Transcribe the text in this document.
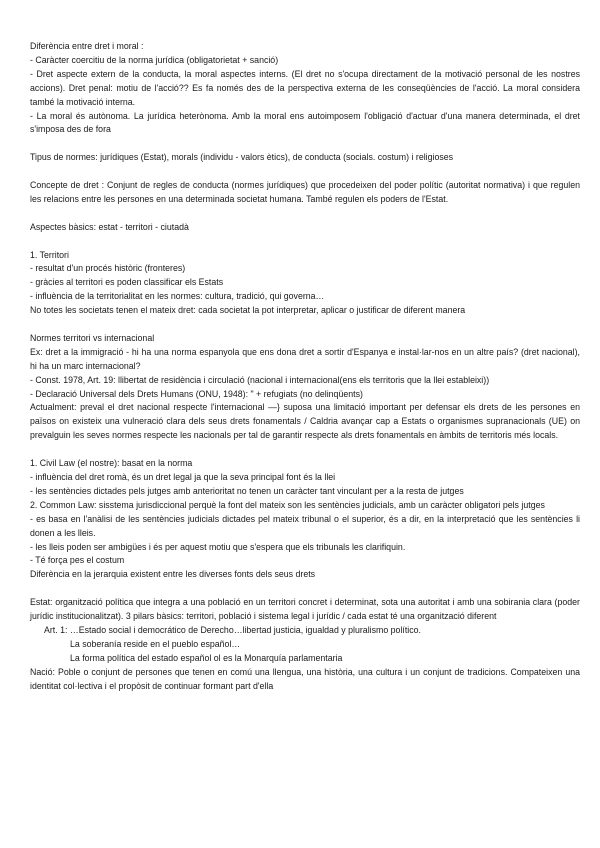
Diferència entre dret i moral :

- Caràcter coercitiu de la norma jurídica (obligatorietat + sanció)

- Dret aspecte extern de la conducta, la moral aspectes interns. (El dret no s'ocupa directament de la motivació personal de les nostres accions). Dret penal: motiu de l'acció?? Es fa només des de la perspectiva externa de les conseqüències de l'acció. La moral considera també la motivació interna.

- La moral és autònoma. La jurídica heterònoma. Amb la moral ens autoimposem l'obligació d'actuar d'una manera determinada, el dret s'imposa des de fora

Tipus de normes: jurídiques (Estat), morals (individu - valors ètics), de conducta (socials. costum) i religioses

Concepte de dret : Conjunt de regles de conducta (normes jurídiques) que procedeixen del poder polític (autoritat normativa) i que regulen les relacions entre les persones en una determinada societat humana. També regulen els poders de l'Estat.

Aspectes bàsics: estat - territori - ciutadà

1. Territori

- resultat d'un procés històric (fronteres)

- gràcies al territori es poden classificar els Estats

- influència de la territorialitat en les normes: cultura, tradició, qui governa…

No totes les societats tenen el mateix dret: cada societat la pot interpretar, aplicar o justificar de diferent manera

Normes territori vs internacional

Ex: dret a la immigració - hi ha una norma espanyola que ens dona dret a sortir d'Espanya e instal·lar-nos en un altre país? (dret nacional), hi ha un marc internacional?

- Const. 1978, Art. 19: llibertat de residència i circulació (nacional i internacional(ens els territoris que la llei estableixi))

- Declaració Universal dels Drets Humans (ONU, 1948): " + refugiats (no delinqüents)

Actualment: preval el dret nacional respecte l'internacional —} suposa una limitació important per defensar els drets de les persones en països on existeix una vulneració clara dels seus drets fonamentals / Caldria avançar cap a Estats o organismes supranacionals (UE) on prevalguin les seves normes respecte les nacionals per tal de garantir respecte als drets fonamentals en àmbits de territoris més locals.

1. Civil Law (el nostre): basat en la norma

- influència del dret romà, és un dret legal ja que la seva principal font és la llei

- les sentències dictades pels jutges amb anterioritat no tenen un caràcter tant vinculant per a la resta de jutges

2. Common Law: sisstema jurisdiccional perquè la font del mateix son les sentències judicials, amb un caràcter obligatori pels jutges

- es basa en l'anàlisi de les sentències judicials dictades pel mateix tribunal o el superior, és a dir, en la interpretació que les sentències li donen a les lleis.

- les lleis poden ser ambigües i és per aquest motiu que s'espera que els tribunals les clarifiquin.

- Té força pes el costum

Diferència en la jerarquia existent entre les diverses fonts dels seus drets

Estat: organització política que integra a una població en un territori concret i determinat, sota una autoritat i amb una sobirania clara (poder jurídic institucionalitzat). 3 pilars bàsics: territori, població i sistema legal i jurídic / cada estat té una organització diferent

Art. 1: …Estado social i democrático de Derecho…libertad justicia, igualdad y pluralismo político.

La soberanía reside en el pueblo español…

La forma política del estado español ol es la Monarquía parlamentaria

Nació: Poble o conjunt de persones que tenen en comú una llengua, una història, una cultura i un conjunt de tradicions. Compateixen una identitat col·lectiva i el propòsit de continuar formant part d'ella
